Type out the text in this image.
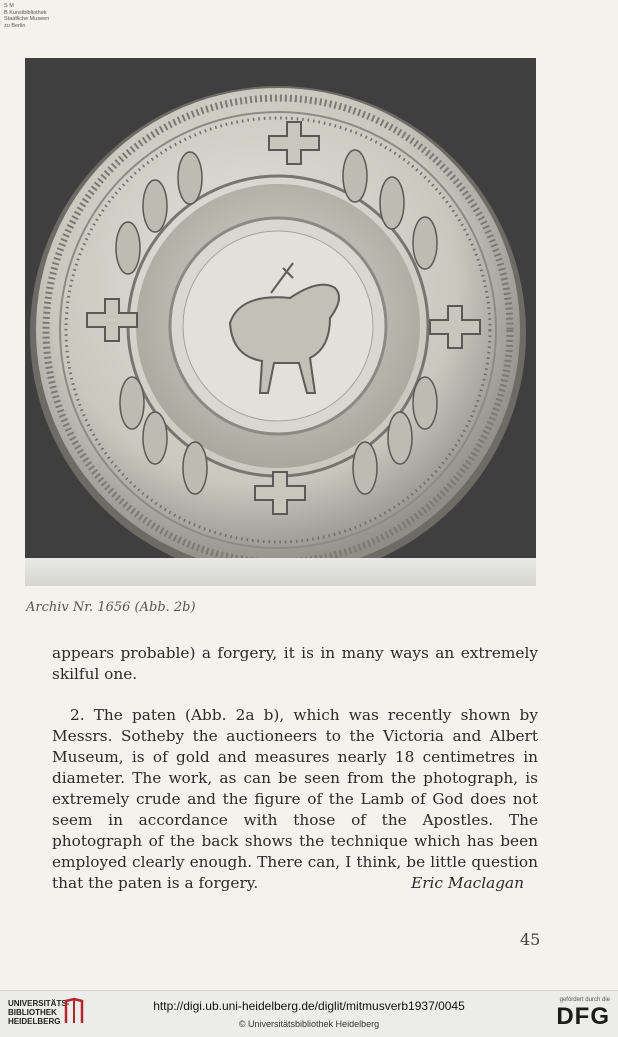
S M
B Kunstbibliothek
Staatliche Museen
zu Berlin
Archiv Nr. 1656 (Abb. 2b)
appears probable) a forgery, it is in many ways an extremely skilful one.
2. The paten (Abb. 2a b), which was recently shown by Messrs. Sotheby the auctioneers to the Victoria and Albert Museum, is of gold and measures nearly 18 centimetres in diameter. The work, as can be seen from the photograph, is extremely crude and the figure of the Lamb of God does not seem in accordance with those of the Apostles. The photograph of the back shows the technique which has been employed clearly enough. There can, I think, be little question that the paten is a forgery.	Eric Maclagan
45
UNIVERSITÄTS-
BIBLIOTHEK
HEIDELBERG
http://digi.ub.uni-heidelberg.de/diglit/mitmusverb1937/0045
© Universitätsbibliothek Heidelberg
gefördert durch die
DFG
